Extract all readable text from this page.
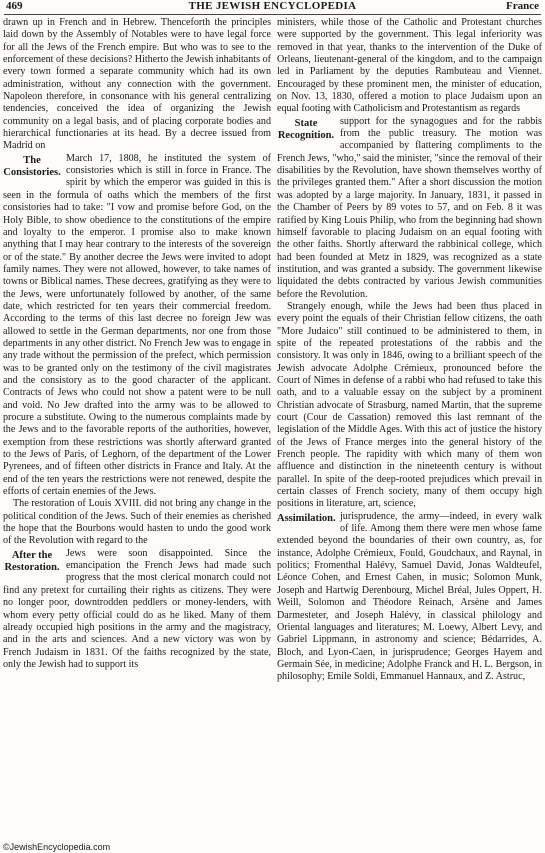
THE JEWISH ENCYCLOPEDIA
469	France

drawn up in French and in Hebrew. Thenceforth the principles laid down by the Assembly of Notables were to have legal force for all the Jews of the French empire. But who was to see to the enforcement of these decisions? Hitherto the Jewish inhabitants of every town formed a separate community which had its own administration, without any connection with the government. Napoleon therefore, in consonance with his general centralizing tendencies, conceived the idea of organizing the Jewish community on a legal basis, and of placing corporate bodies and hierarchical functionaries at its head. By a decree issued from Madrid on

The Consistories.

March 17, 1808, he instituted the system of consistories which is still in force in France. The spirit by which the emperor was guided in this is seen in the formula of oaths which the members of the first consistories had to take: "I vow and promise before God, on the Holy Bible, to show obedience to the constitutions of the empire and loyalty to the emperor. I promise also to make known anything that I may hear contrary to the interests of the sovereign or of the state." By another decree the Jews were invited to adopt family names. They were not allowed, however, to take names of towns or Biblical names. These decrees, gratifying as they were to the Jews, were unfortunately followed by another, of the same date, which restricted for ten years their commercial freedom. According to the terms of this last decree no foreign Jew was allowed to settle in the German departments, nor one from those departments in any other district. No French Jew was to engage in any trade without the permission of the prefect, which permission was to be granted only on the testimony of the civil magistrates and the consistory as to the good character of the applicant. Contracts of Jews who could not show a patent were to be null and void. No Jew drafted into the army was to be allowed to procure a substitute. Owing to the numerous complaints made by the Jews and to the favorable reports of the authorities, however, exemption from these restrictions was shortly afterward granted to the Jews of Paris, of Leghorn, of the department of the Lower Pyrenees, and of fifteen other districts in France and Italy. At the end of the ten years the restrictions were not renewed, despite the efforts of certain enemies of the Jews.

The restoration of Louis XVIII. did not bring any change in the political condition of the Jews. Such of their enemies as cherished the hope that the Bourbons would hasten to undo the good work of the Revolution with regard to the

After the Restoration.

Jews were soon disappointed. Since the emancipation the French Jews had made such progress that the most clerical monarch could not find any pretext for curtailing their rights as citizens. They were no longer poor, downtrodden peddlers or money-lenders, with whom every petty official could do as he liked. Many of them already occupied high positions in the army and the magistracy, and in the arts and sciences. And a new victory was won by French Judaism in 1831. Of the faiths recognized by the state, only the Jewish had to support its

ministers, while those of the Catholic and Protestant churches were supported by the government. This legal inferiority was removed in that year, thanks to the intervention of the Duke of Orleans, lieutenant-general of the kingdom, and to the campaign led in Parliament by the deputies Rambuteau and Viennet. Encouraged by these prominent men, the minister of education, on Nov. 13, 1830, offered a motion to place Judaism upon an equal footing with Catholicism and Protestantism as regards

State Recognition.

support for the synagogues and for the rabbis from the public treasury. The motion was accompanied by flattering compliments to the French Jews, "who," said the minister, "since the removal of their disabilities by the Revolution, have shown themselves worthy of the privileges granted them." After a short discussion the motion was adopted by a large majority. In January, 1831, it passed in the Chamber of Peers by 89 votes to 57, and on Feb. 8 it was ratified by King Louis Philip, who from the beginning had shown himself favorable to placing Judaism on an equal footing with the other faiths. Shortly afterward the rabbinical college, which had been founded at Metz in 1829, was recognized as a state institution, and was granted a subsidy. The government likewise liquidated the debts contracted by various Jewish communities before the Revolution.

Strangely enough, while the Jews had been thus placed in every point the equals of their Christian fellow citizens, the oath "More Judaico" still continued to be administered to them, in spite of the repeated protestations of the rabbis and the consistory. It was only in 1846, owing to a brilliant speech of the Jewish advocate Adolphe Crémieux, pronounced before the Court of Nîmes in defense of a rabbi who had refused to take this oath, and to a valuable essay on the subject by a prominent Christian advocate of Strasburg, named Martin, that the supreme court (Cour de Cassation) removed this last remnant of the legislation of the Middle Ages. With this act of justice the history of the Jews of France merges into the general history of the French people. The rapidity with which many of them won affluence and distinction in the nineteenth century is without parallel. In spite of the deep-rooted prejudices which prevail in certain classes of French society, many of them occupy high positions in literature, art, science,

Assimilation. jurisprudence, the army—indeed, in every walk of life. Among them there were men whose fame extended beyond the boundaries of their own country, as, for instance, Adolphe Crémieux, Fould, Goudchaux, and Raynal, in politics; Fromenthal Halévy, Samuel David, Jonas Waldteufel, Léonce Cohen, and Ernest Cahen, in music; Solomon Munk, Joseph and Hartwig Derenbourg, Michel Bréal, Jules Oppert, H. Weill, Solomon and Théodore Reinach, Arsène and James Darmesteter, and Joseph Halévy, in classical philology and Oriental languages and literatures; M. Loewy, Albert Levy, and Gabriel Lippmann, in astronomy and science; Bédarrides, A. Bloch, and Lyon-Caen, in jurisprudence; Georges Hayem and Germain Sée, in medicine; Adolphe Franck and H. L. Bergson, in philosophy; Emile Soldi, Emmanuel Hannaux, and Z. Astruc,

©JewishEncyclopedia.com
